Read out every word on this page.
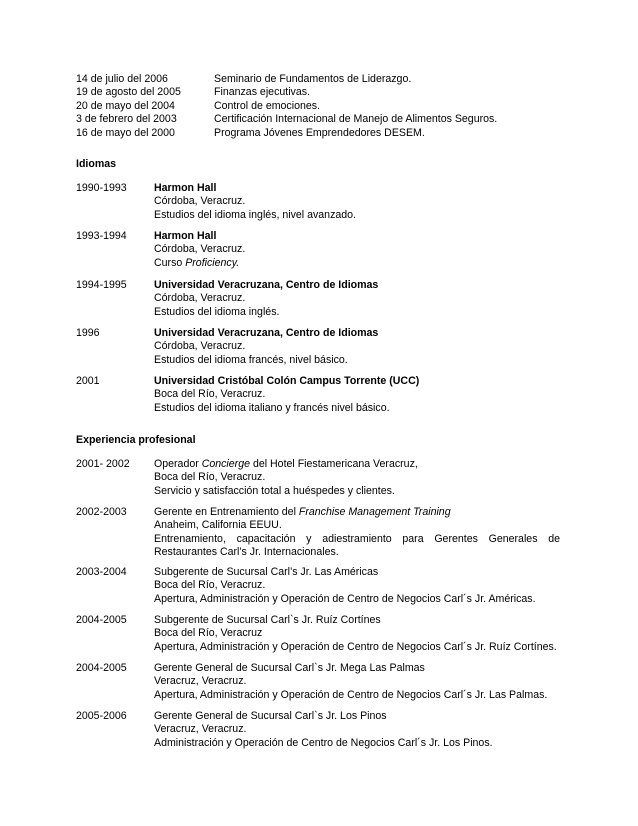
14 de julio del 2006	Seminario de Fundamentos de Liderazgo.
19 de agosto del 2005	Finanzas ejecutivas.
20 de mayo del 2004	Control de emociones.
3 de febrero del 2003	Certificación Internacional de Manejo de Alimentos Seguros.
16 de mayo del 2000	Programa Jóvenes Emprendedores DESEM.
Idiomas
1990-1993	Harmon Hall
Córdoba, Veracruz.
Estudios del idioma inglés, nivel avanzado.
1993-1994	Harmon Hall
Córdoba, Veracruz.
Curso Proficiency.
1994-1995	Universidad Veracruzana, Centro de Idiomas
Córdoba, Veracruz.
Estudios del idioma inglés.
1996	Universidad Veracruzana, Centro de Idiomas
Córdoba, Veracruz.
Estudios del idioma francés, nivel básico.
2001	Universidad Cristóbal Colón Campus Torrente (UCC)
Boca del Río, Veracruz.
Estudios del idioma italiano y francés nivel básico.
Experiencia profesional
2001- 2002	Operador Concierge del Hotel Fiestamericana Veracruz,
Boca del Río, Veracruz.
Servicio y satisfacción total a huéspedes y clientes.
2002-2003	Gerente en Entrenamiento del Franchise Management Training
Anaheim, California EEUU.
Entrenamiento, capacitación y adiestramiento para Gerentes Generales de
Restaurantes Carl’s Jr. Internacionales.
2003-2004	Subgerente de Sucursal Carl’s Jr. Las Américas
Boca del Río, Veracruz.
Apertura, Administración y Operación de Centro de Negocios Carl´s Jr. Américas.
2004-2005	Subgerente de Sucursal Carl`s Jr. Ruíz Cortínes
Boca del Río, Veracruz
Apertura, Administración y Operación de Centro de Negocios Carl´s Jr. Ruíz Cortínes.
2004-2005	Gerente General de Sucursal Carl`s Jr. Mega Las Palmas
Veracruz, Veracruz.
Apertura, Administración y Operación de Centro de Negocios Carl´s Jr. Las Palmas.
2005-2006	Gerente General de Sucursal Carl`s Jr. Los Pinos
Veracruz, Veracruz.
Administración y Operación de Centro de Negocios Carl´s Jr. Los Pinos.
